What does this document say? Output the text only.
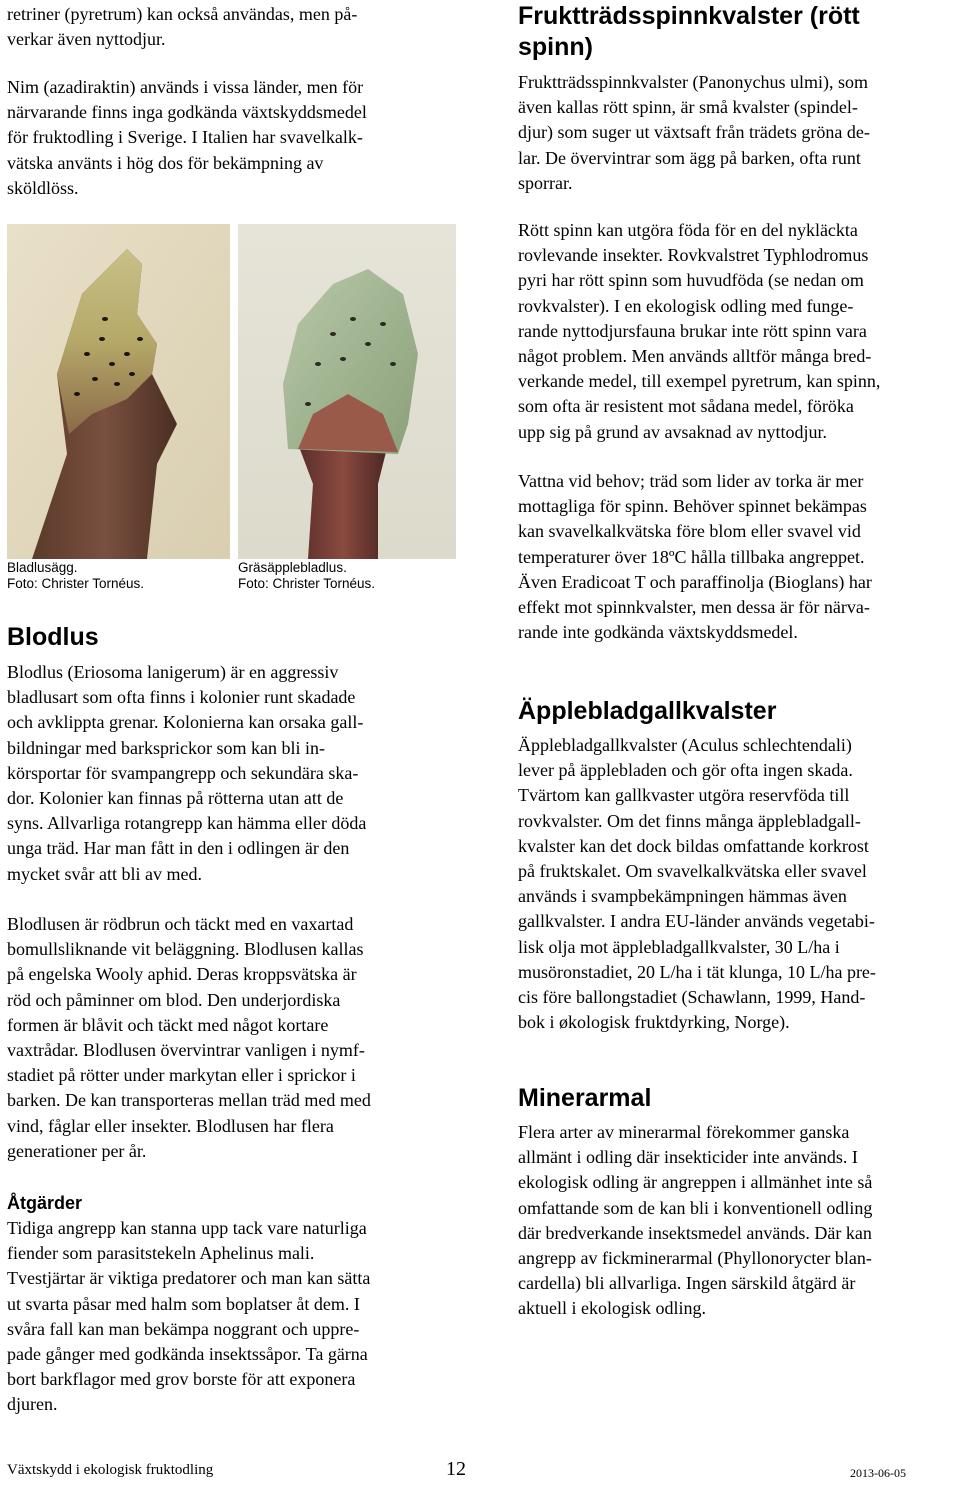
retriner (pyretrum) kan också användas, men på-
verkar även nyttodjur.

Nim (azadiraktin) används i vissa länder, men för
närvarande finns inga godkända växtskyddsmedel
för fruktodling i Sverige. I Italien har svavelkalk-
vätska använts i hög dos för bekämpning av
sköldlöss.

Bladlusägg.
Foto: Christer Tornéus.
Gräsäpplebladlus.
Foto: Christer Tornéus.
Blodlus

Blodlus (Eriosoma lanigerum) är en aggressiv
bladlusart som ofta finns i kolonier runt skadade
och avklippta grenar. Kolonierna kan orsaka gall-
bildningar med barksprickor som kan bli in-
körsportar för svampangrepp och sekundära ska-
dor. Kolonier kan finnas på rötterna utan att de
syns. Allvarliga rotangrepp kan hämma eller döda
unga träd. Har man fått in den i odlingen är den
mycket svår att bli av med.

Blodlusen är rödbrun och täckt med en vaxartad
bomullsliknande vit beläggning. Blodlusen kallas
på engelska Wooly aphid. Deras kroppsvätska är
röd och påminner om blod. Den underjordiska
formen är blåvit och täckt med något kortare
vaxtrådar. Blodlusen övervintrar vanligen i nymf-
stadiet på rötter under markytan eller i sprickor i
barken. De kan transporteras mellan träd med med
vind, fåglar eller insekter. Blodlusen har flera
generationer per år.

Åtgärder

Tidiga angrepp kan stanna upp tack vare naturliga
fiender som parasitstekeln Aphelinus mali.
Tvestjärtar är viktiga predatorer och man kan sätta
ut svarta påsar med halm som boplatser åt dem. I
svåra fall kan man bekämpa noggrant och uppre-
pade gånger med godkända insektssåpor. Ta gärna
bort barkflagor med grov borste för att exponera
djuren.

Fruktträdsspinnkvalster (rött
spinn)

Fruktträdsspinnkvalster (Panonychus ulmi), som
även kallas rött spinn, är små kvalster (spindel-
djur) som suger ut växtsaft från trädets gröna de-
lar. De övervintrar som ägg på barken, ofta runt
sporrar.

Rött spinn kan utgöra föda för en del nykläckta
rovlevande insekter. Rovkvalstret Typhlodromus
pyri har rött spinn som huvudföda (se nedan om
rovkvalster). I en ekologisk odling med funge-
rande nyttodjursfauna brukar inte rött spinn vara
något problem. Men används alltför många bred-
verkande medel, till exempel pyretrum, kan spinn,
som ofta är resistent mot sådana medel, föröka
upp sig på grund av avsaknad av nyttodjur.

Vattna vid behov; träd som lider av torka är mer
mottagliga för spinn. Behöver spinnet bekämpas
kan svavelkalkvätska före blom eller svavel vid
temperaturer över 18ºC hålla tillbaka angreppet.
Även Eradicoat T och paraffinolja (Bioglans) har
effekt mot spinnkvalster, men dessa är för närva-
rande inte godkända växtskyddsmedel.

Äpplebladgallkvalster

Äpplebladgallkvalster (Aculus schlechtendali)
lever på äpplebladen och gör ofta ingen skada.
Tvärtom kan gallkvaster utgöra reservföda till
rovkvalster. Om det finns många äpplebladgall-
kvalster kan det dock bildas omfattande korkrost
på fruktskalet. Om svavelkalkvätska eller svavel
används i svampbekämpningen hämmas även
gallkvalster. I andra EU-länder används vegetabi-
lisk olja mot äpplebladgallkvalster, 30 L/ha i
musöronstadiet, 20 L/ha i tät klunga, 10 L/ha pre-
cis före ballongstadiet (Schawlann, 1999, Hand-
bok i økologisk fruktdyrking, Norge).

Minerarmal

Flera arter av minerarmal förekommer ganska
allmänt i odling där insekticider inte används. I
ekologisk odling är angreppen i allmänhet inte så
omfattande som de kan bli i konventionell odling
där bredverkande insektsmedel används. Där kan
angrepp av fickminerarmal (Phyllonorycter blan-
cardella) bli allvarliga. Ingen särskild åtgärd är
aktuell i ekologisk odling.

Växtskydd i ekologisk fruktodling	12	2013-06-05
